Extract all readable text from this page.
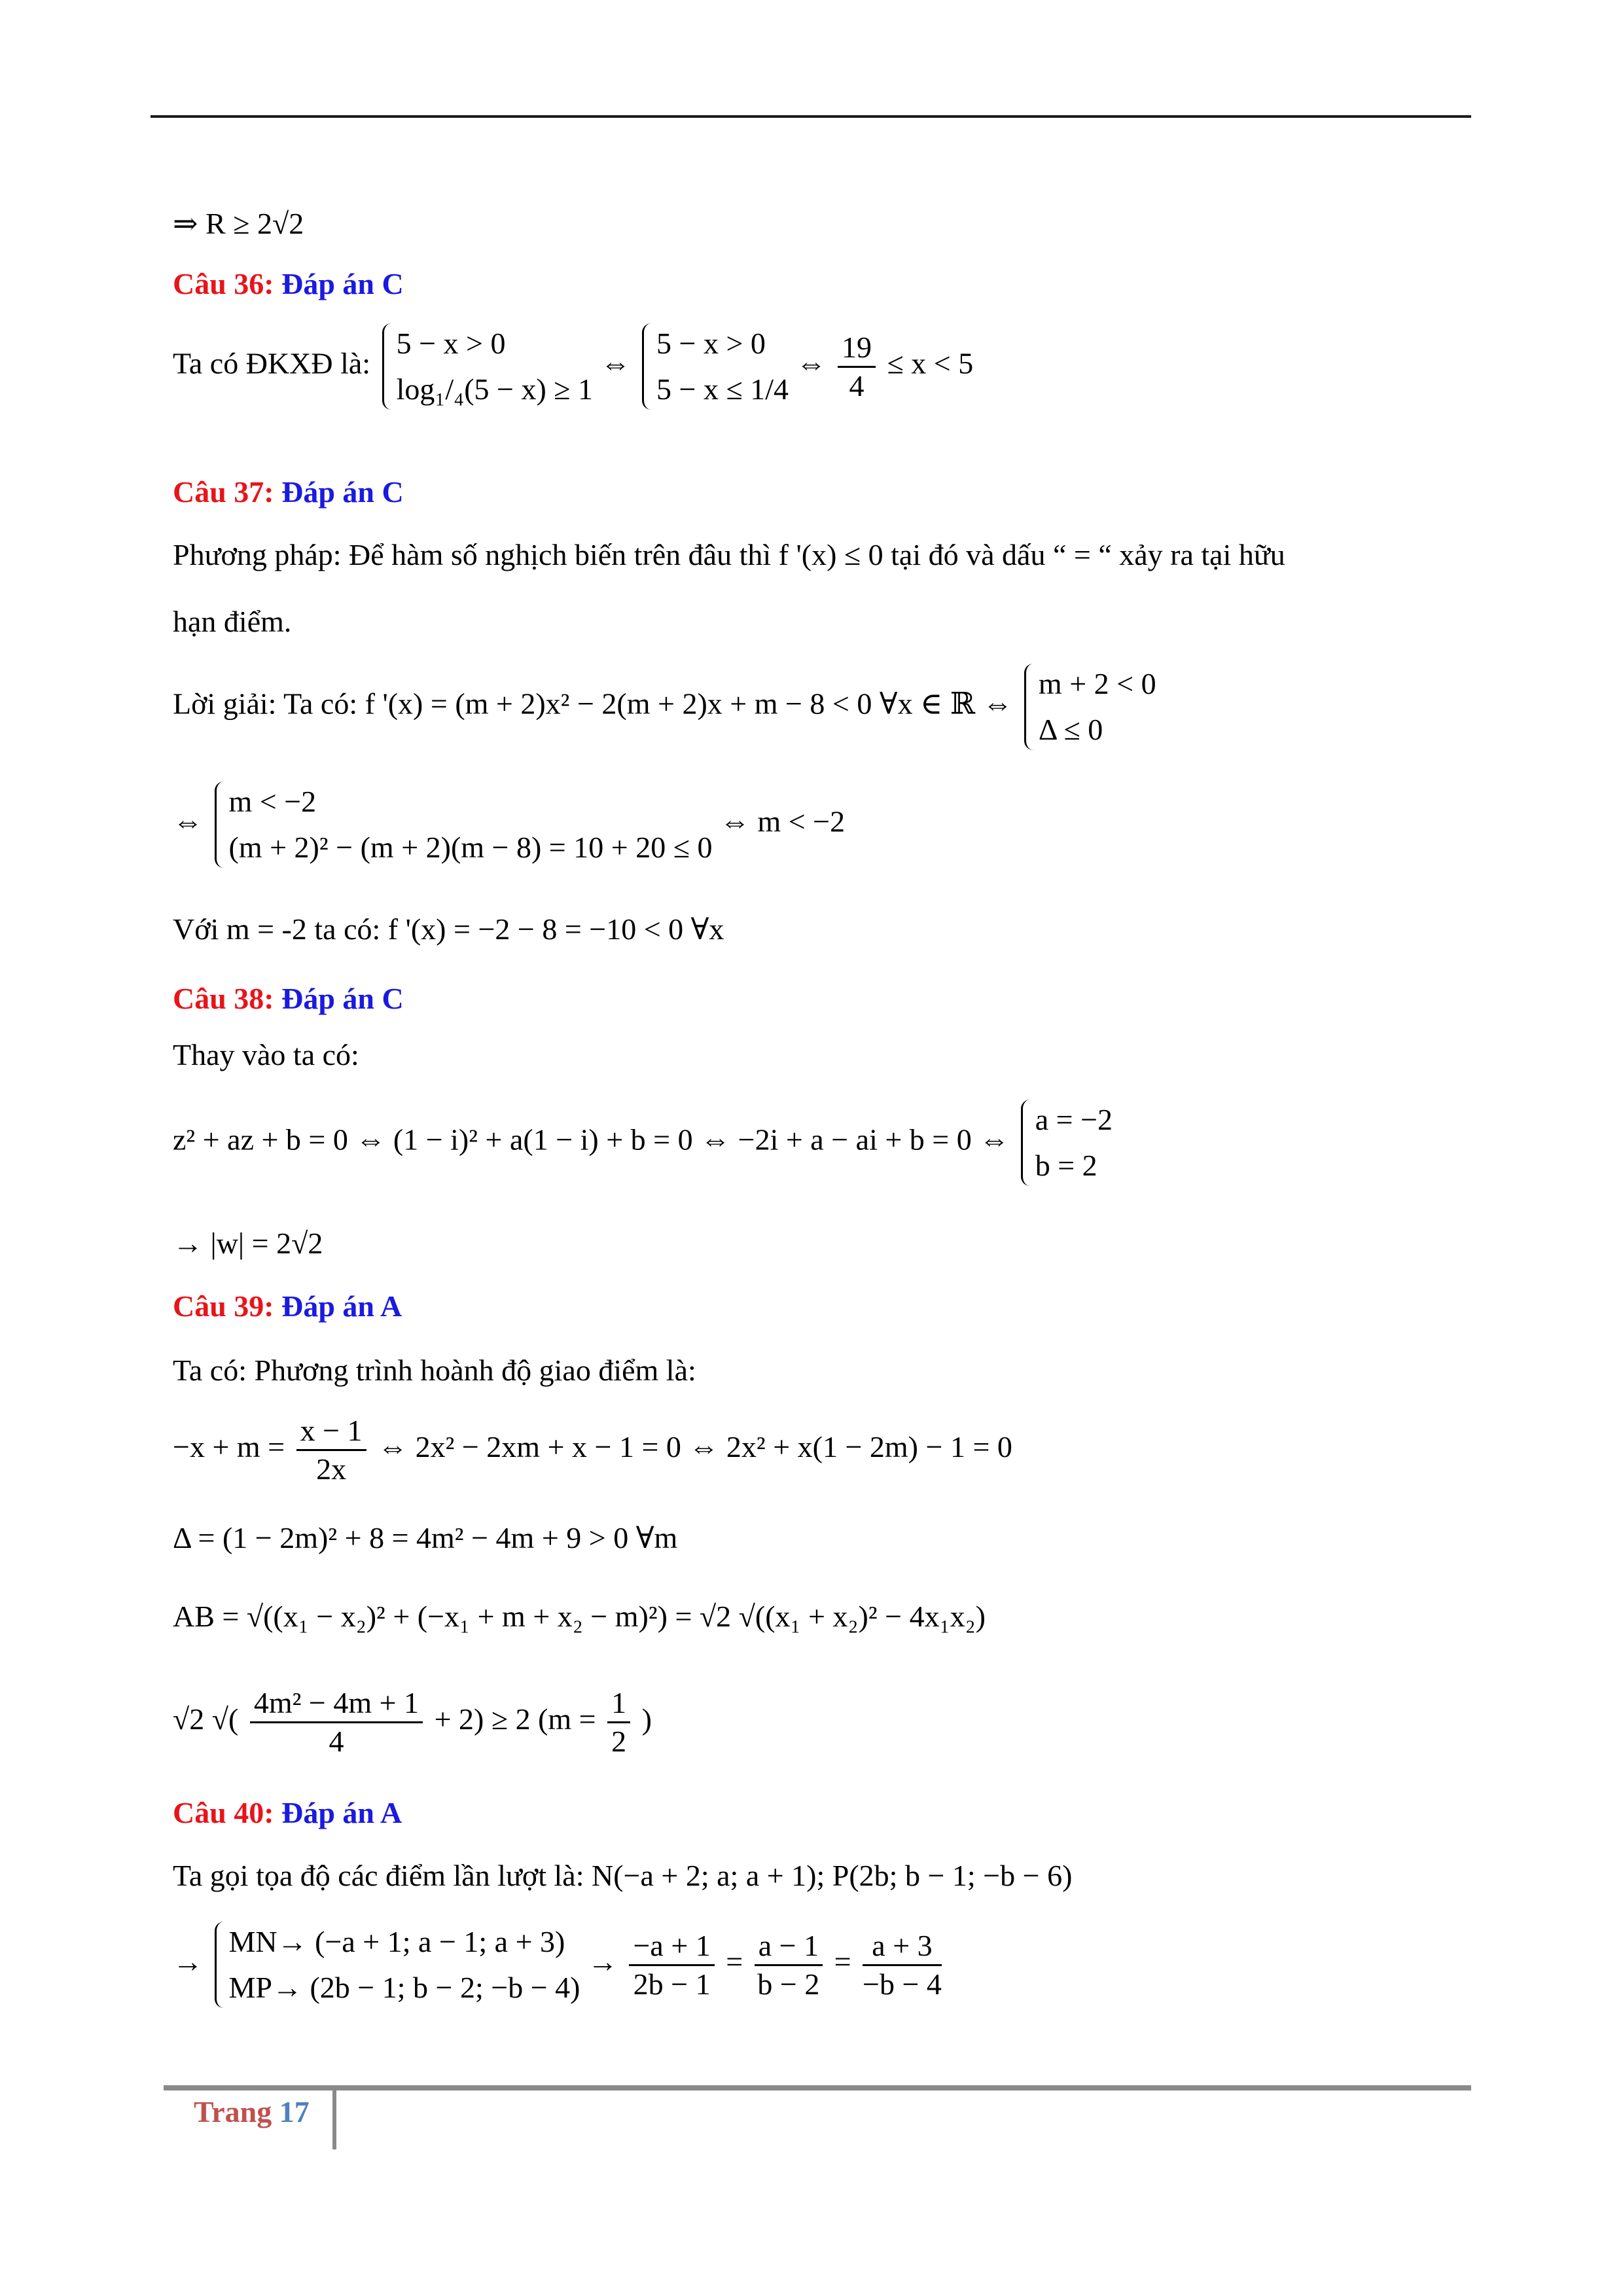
⇒ R ≥ 2√2
Câu 36: Đáp án C
Ta có ĐKXĐ là:
5 − x > 0
log₁/₄(5 − x) ≥ 1
⇔
5 − x > 0
5 − x ≤ 1/4
⇔ $\frac{19}{4} \le x < 5$
Câu 37: Đáp án C
Phương pháp: Để hàm số nghịch biến trên đâu thì f '(x) ≤ 0 tại đó và dấu “ = “ xảy ra tại hữu
hạn điểm.
Lời giải: Ta có: f '(x) = (m + 2)x² − 2(m + 2)x + m − 8 < 0 ∀x ∈ ℝ ⇔
m + 2 < 0
Δ ≤ 0
⇔
m < −2
(m + 2)² − (m + 2)(m − 8) = 10 + 20 ≤ 0
⇔ m < −2
Với m = -2 ta có: f '(x) = −2 − 8 = −10 < 0 ∀x
Câu 38: Đáp án C
Thay vào ta có:
z² + az + b = 0 ⇔ (1 − i)² + a(1 − i) + b = 0 ⇔ −2i + a − ai + b = 0 ⇔
a = −2
b = 2
→ |w| = 2√2
Câu 39: Đáp án A
Ta có: Phương trình hoành độ giao điểm là:
$-x + m = \frac{x - 1}{2x}$ ⇔ 2x² − 2xm + x − 1 = 0 ⇔ 2x² + x(1 − 2m) − 1 = 0
Δ = (1 − 2m)² + 8 = 4m² − 4m + 9 > 0 ∀m
AB = √((x₁ − x₂)² + (−x₁ + m + x₂ − m)²) = √2 √((x₁ + x₂)² − 4x₁x₂)
√2 √( $\frac{\text{4m² − 4m + 1}}{4} + 2) \ge 2$ ($m = \frac{1}{2}$ )
Câu 40: Đáp án A
Ta gọi tọa độ các điểm lần lượt là: N(−a + 2; a; a + 1); P(2b; b − 1; −b − 6)
→
MN→ (−a + 1; a − 1; a + 3)
MP→ (2b − 1; b − 2; −b − 4)
→ $\frac{-a + 1}{2b - 1} = \frac{a - 1}{b - 2} = \frac{a + 3}{-b - 4}$
Trang 17
